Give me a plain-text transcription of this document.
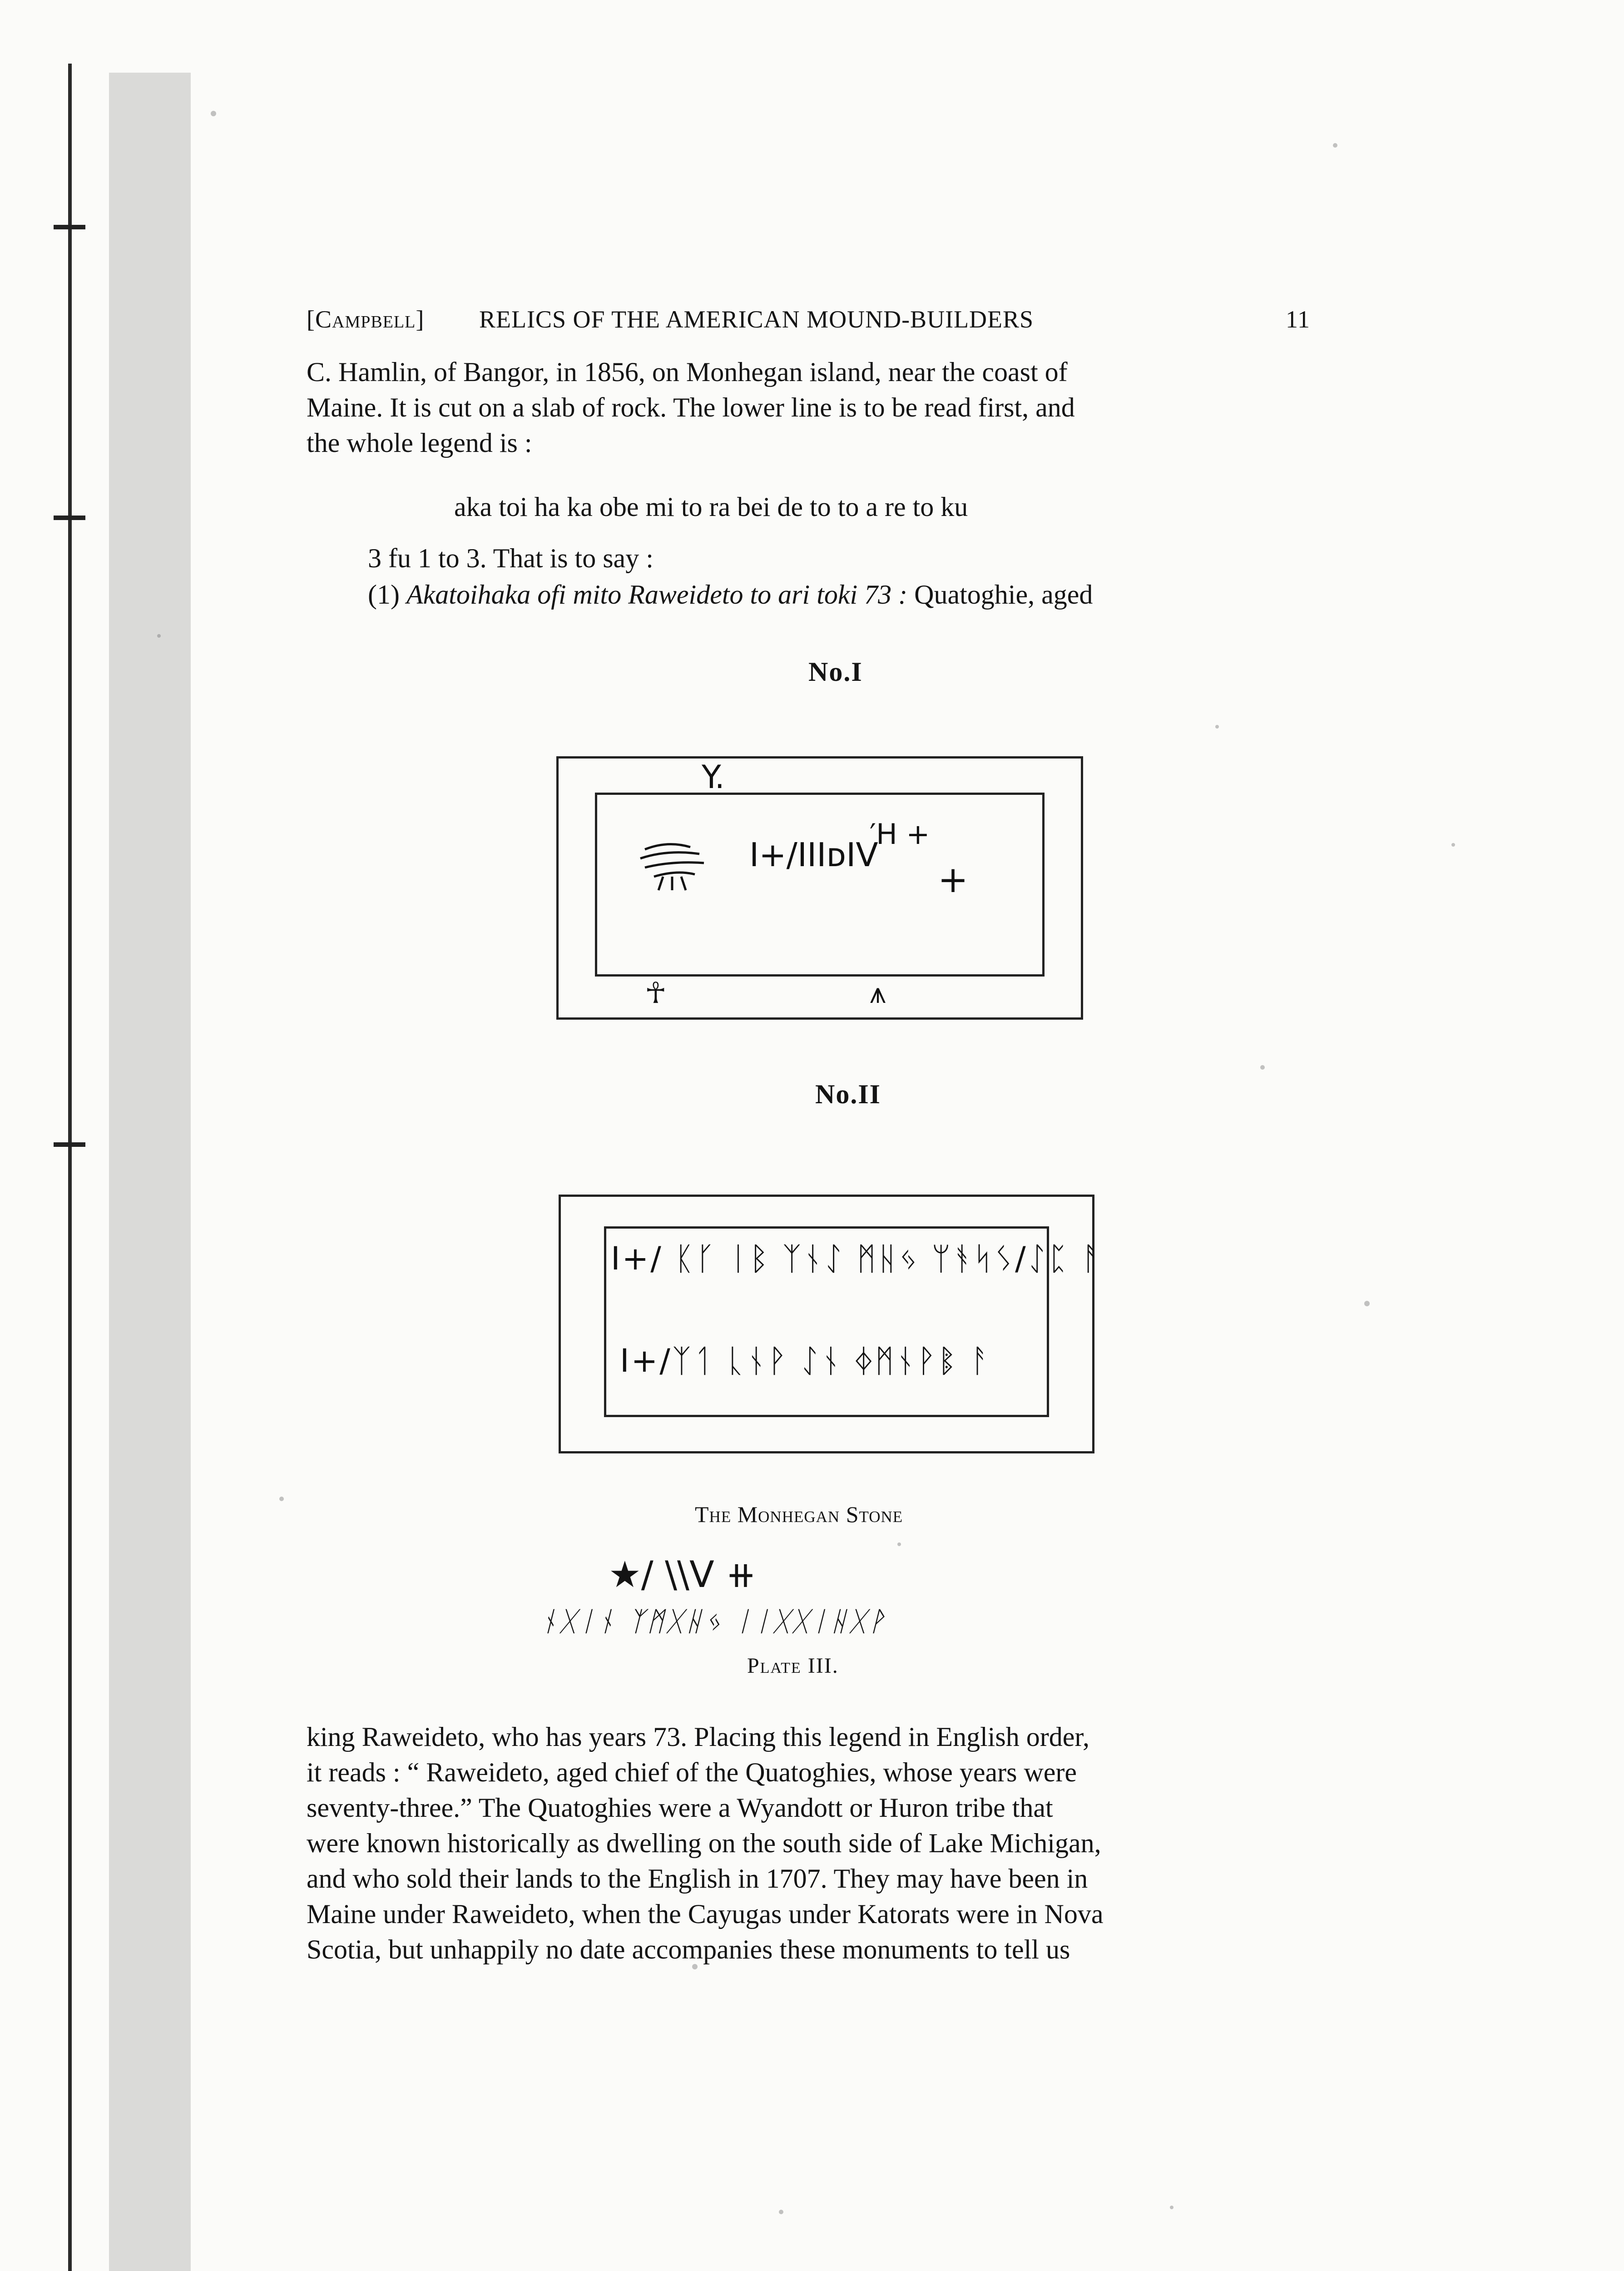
[Campbell] RELICS OF THE AMERICAN MOUND-BUILDERS	11
C. Hamlin, of Bangor, in 1856, on Monhegan island, near the coast of
Maine. It is cut on a slab of rock. The lower line is to be read first, and
the whole legend is :
aka toi ha ka obe mi to ra bei de to to a re to ku
3 fu 1 to 3. That is to say :
(1) Akatoihaka ofi mito Raweideto to ari toki 73 : Quatoghie, aged
No.I
Y.
I+/IIIᴅIV
′H +
+
☥	⩚
No.II
I+/ ᛕᚴ ᛁᛒ ᛉᚾᛇ ᛗᚺᛃ ᛘᚬᛋᛊ/ᛇᛈ ᚨ
I+/ᛉᛐ ᚳᚾᚹ ᛇᚾ ᛄᛗᚾᚹᛔ ᚨ
The Monhegan Stone
★∕ \\V ⧺
ᚾᚷᛁᚾ ᛉᛗᚷᚺᛃ ᛁᛁᚷᚷᛁᚺᚷᚹ
Plate III.
king Raweideto, who has years 73. Placing this legend in English order,
it reads : “ Raweideto, aged chief of the Quatoghies, whose years were
seventy-three.” The Quatoghies were a Wyandott or Huron tribe that
were known historically as dwelling on the south side of Lake Michigan,
and who sold their lands to the English in 1707. They may have been in
Maine under Raweideto, when the Cayugas under Katorats were in Nova
Scotia, but unhappily no date accompanies these monuments to tell us
